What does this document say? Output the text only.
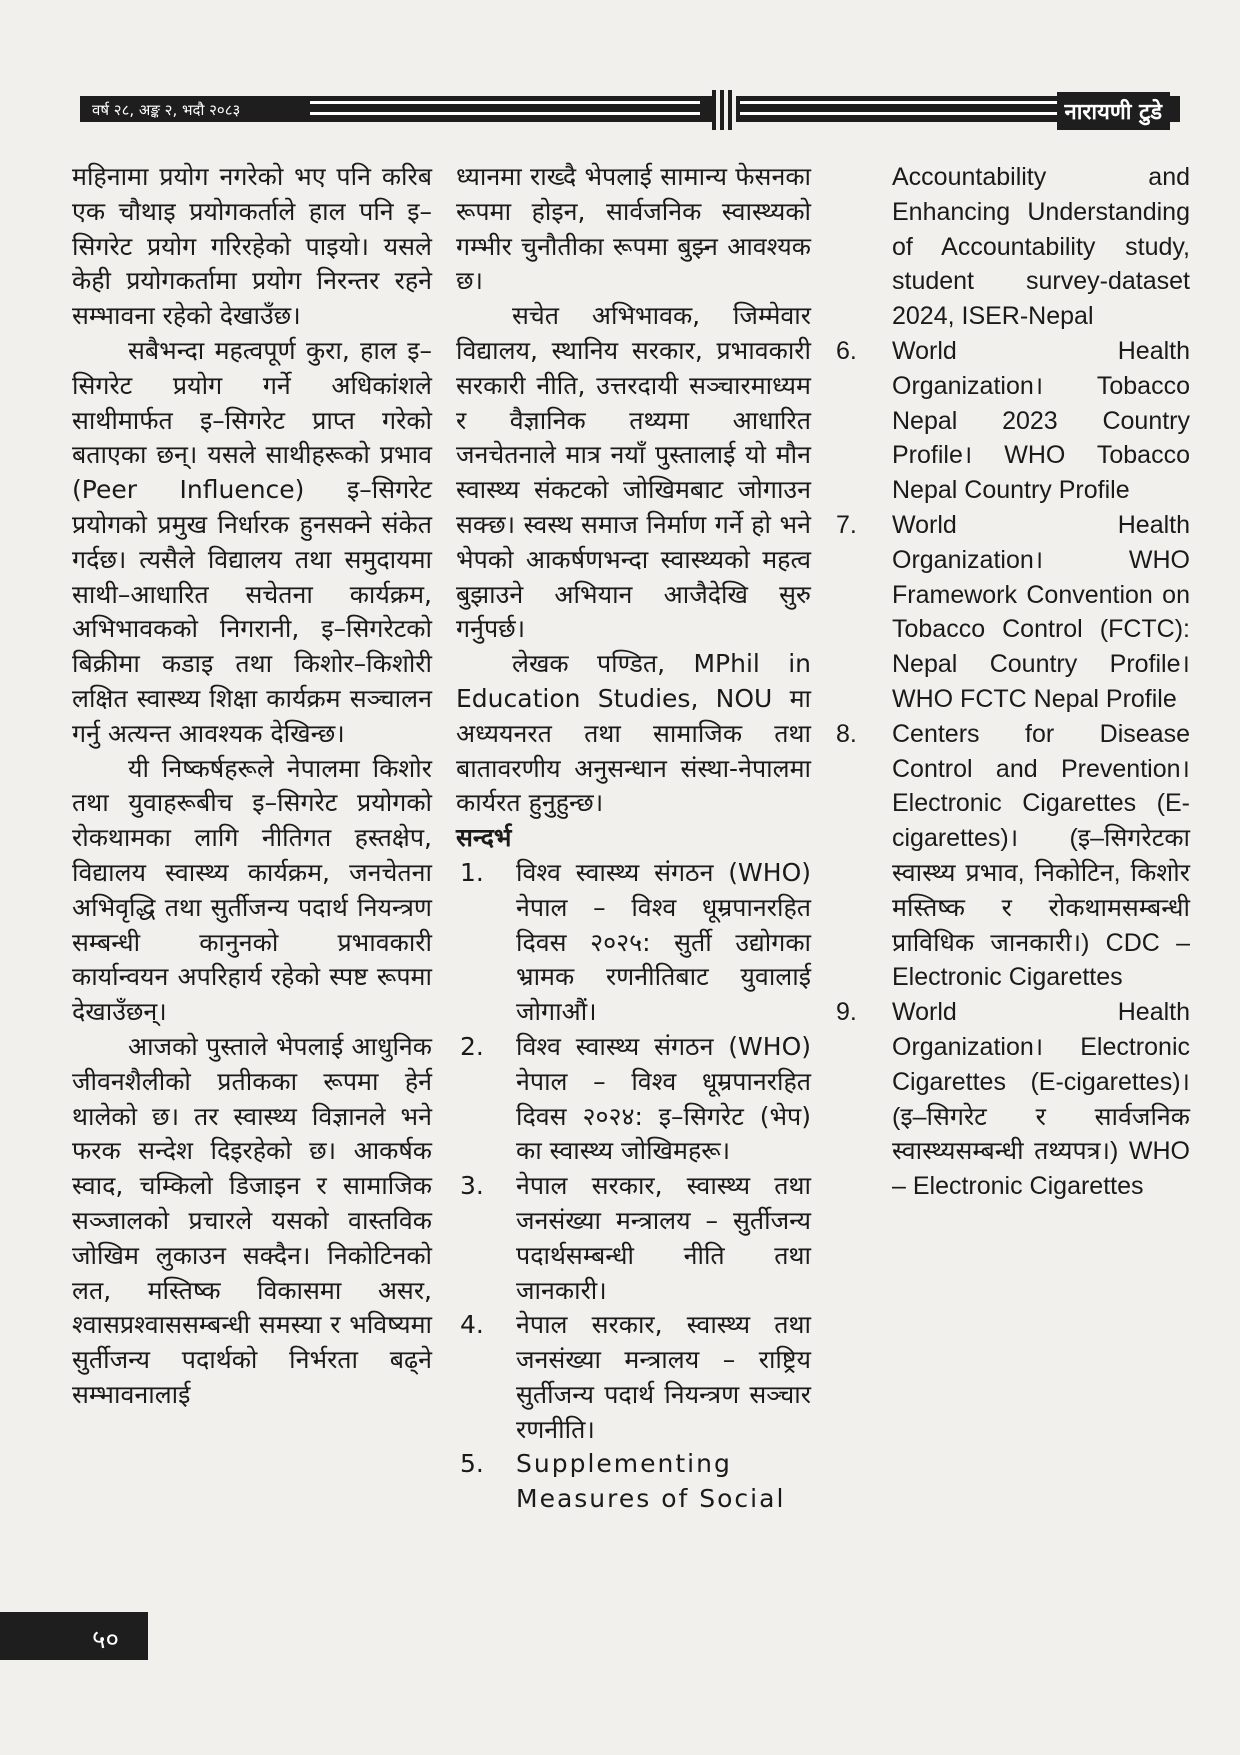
वर्ष २८, अङ्क २, भदौ २०८३	नारायणी टुडे

महिनामा प्रयोग नगरेको भए पनि करिब एक चौथाइ प्रयोगकर्ताले हाल पनि इ–सिगरेट प्रयोग गरिरहेको पाइयो। यसले केही प्रयोगकर्तामा प्रयोग निरन्तर रहने सम्भावना रहेको देखाउँछ।

सबैभन्दा महत्वपूर्ण कुरा, हाल इ–सिगरेट प्रयोग गर्ने अधिकांशले साथीमार्फत इ–सिगरेट प्राप्त गरेको बताएका छन्। यसले साथीहरूको प्रभाव (Peer Influence) इ–सिगरेट प्रयोगको प्रमुख निर्धारक हुनसक्ने संकेत गर्दछ। त्यसैले विद्यालय तथा समुदायमा साथी–आधारित सचेतना कार्यक्रम, अभिभावकको निगरानी, इ–सिगरेटको बिक्रीमा कडाइ तथा किशोर–किशोरी लक्षित स्वास्थ्य शिक्षा कार्यक्रम सञ्चालन गर्नु अत्यन्त आवश्यक देखिन्छ।

यी निष्कर्षहरूले नेपालमा किशोर तथा युवाहरूबीच इ–सिगरेट प्रयोगको रोकथामका लागि नीतिगत हस्तक्षेप, विद्यालय स्वास्थ्य कार्यक्रम, जनचेतना अभिवृद्धि तथा सुर्तीजन्य पदार्थ नियन्त्रण सम्बन्धी कानुनको प्रभावकारी कार्यान्वयन अपरिहार्य रहेको स्पष्ट रूपमा देखाउँछन्।

आजको पुस्ताले भेपलाई आधुनिक जीवनशैलीको प्रतीकका रूपमा हेर्न थालेको छ। तर स्वास्थ्य विज्ञानले भने फरक सन्देश दिइरहेको छ। आकर्षक स्वाद, चम्किलो डिजाइन र सामाजिक सञ्जालको प्रचारले यसको वास्तविक जोखिम लुकाउन सक्दैन। निकोटिनको लत, मस्तिष्क विकासमा असर, श्वासप्रश्वाससम्बन्धी समस्या र भविष्यमा सुर्तीजन्य पदार्थको निर्भरता बढ्ने सम्भावनालाई

ध्यानमा राख्दै भेपलाई सामान्य फेसनका रूपमा होइन, सार्वजनिक स्वास्थ्यको गम्भीर चुनौतीका रूपमा बुझ्न आवश्यक छ।

सचेत अभिभावक, जिम्मेवार विद्यालय, स्थानिय सरकार, प्रभावकारी सरकारी नीति, उत्तरदायी सञ्चारमाध्यम र वैज्ञानिक तथ्यमा आधारित जनचेतनाले मात्र नयाँ पुस्तालाई यो मौन स्वास्थ्य संकटको जोखिमबाट जोगाउन सक्छ। स्वस्थ समाज निर्माण गर्ने हो भने भेपको आकर्षणभन्दा स्वास्थ्यको महत्व बुझाउने अभियान आजैदेखि सुरु गर्नुपर्छ।

लेखक पण्डित, MPhil in Education Studies, NOU मा अध्ययनरत तथा सामाजिक तथा बातावरणीय अनुसन्धान संस्था-नेपालमा कार्यरत हुनुहुन्छ।

सन्दर्भ

1. विश्व स्वास्थ्य संगठन (WHO) नेपाल – विश्व धूम्रपानरहित दिवस २०२५: सुर्ती उद्योगका भ्रामक रणनीतिबाट युवालाई जोगाऔं।
2. विश्व स्वास्थ्य संगठन (WHO) नेपाल – विश्व धूम्रपानरहित दिवस २०२४: इ–सिगरेट (भेप) का स्वास्थ्य जोखिमहरू।
3. नेपाल सरकार, स्वास्थ्य तथा जनसंख्या मन्त्रालय – सुर्तीजन्य पदार्थसम्बन्धी नीति तथा जानकारी।
4. नेपाल सरकार, स्वास्थ्य तथा जनसंख्या मन्त्रालय – राष्ट्रिय सुर्तीजन्य पदार्थ नियन्त्रण सञ्चार रणनीति।
5. Supplementing Measures of Social
Accountability and Enhancing Understanding of Accountability study, student survey-dataset 2024, ISER-Nepal
6. World Health Organization। Tobacco Nepal 2023 Country Profile। WHO Tobacco Nepal Country Profile
7. World Health Organization। WHO Framework Convention on Tobacco Control (FCTC): Nepal Country Profile। WHO FCTC Nepal Profile
8. Centers for Disease Control and Prevention। Electronic Cigarettes (E-cigarettes)। (इ–सिगरेटका स्वास्थ्य प्रभाव, निकोटिन, किशोर मस्तिष्क र रोकथामसम्बन्धी प्राविधिक जानकारी।) CDC – Electronic Cigarettes
9. World Health Organization। Electronic Cigarettes (E-cigarettes)। (इ–सिगरेट र सार्वजनिक स्वास्थ्यसम्बन्धी तथ्यपत्र।) WHO – Electronic Cigarettes
५०
